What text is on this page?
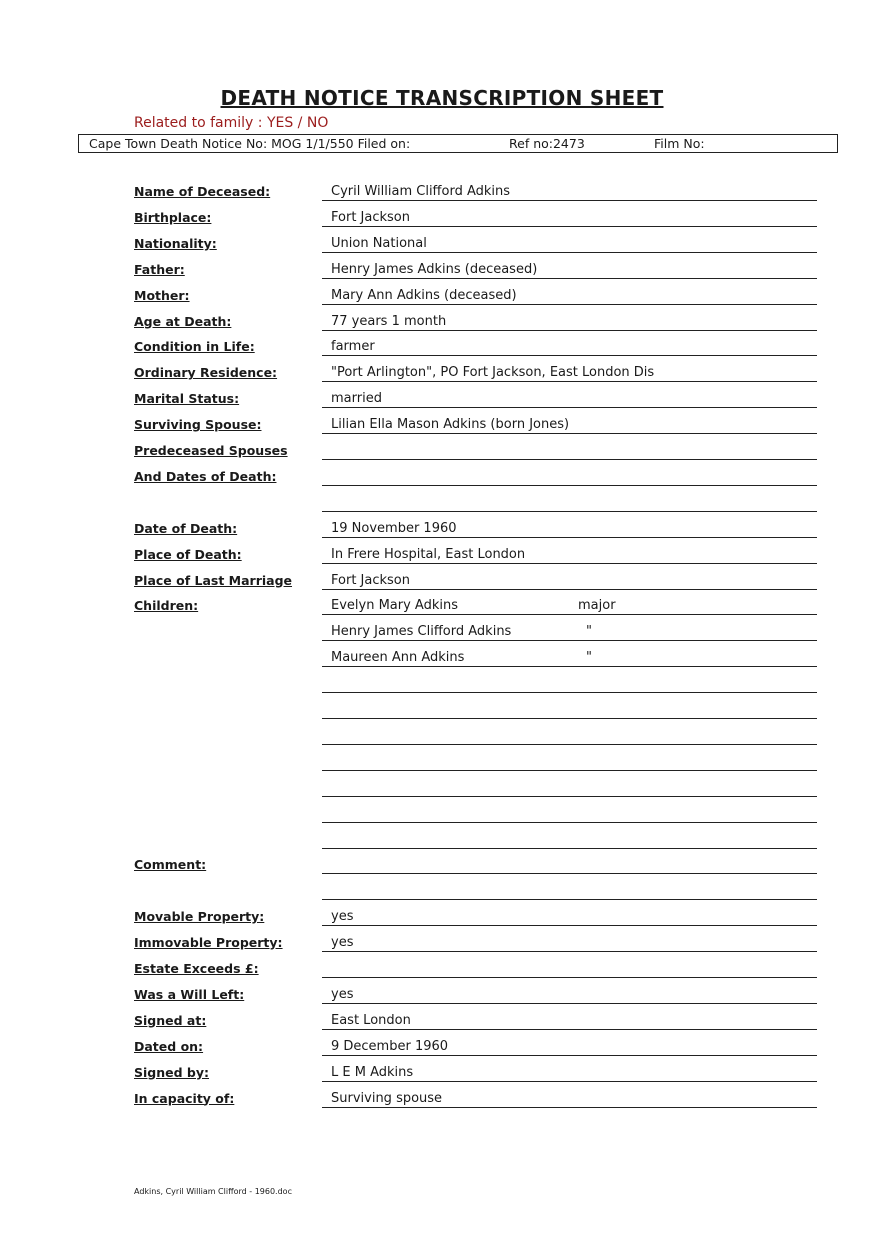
DEATH NOTICE TRANSCRIPTION SHEET
Related to family : YES / NO
Cape Town Death Notice No: MOG 1/1/550 Filed on:	Ref no:2473	Film No:
Name of Deceased:	Cyril William Clifford Adkins
Birthplace:	Fort Jackson
Nationality:	Union National
Father:	Henry James Adkins (deceased)
Mother:	Mary Ann Adkins (deceased)
Age at Death:	77 years 1 month
Condition in Life:	farmer
Ordinary Residence:	"Port Arlington", PO Fort Jackson, East London Dis
Marital Status:	married
Surviving Spouse:	Lilian Ella Mason Adkins (born Jones)
Predeceased Spouses
And Dates of Death:
Date of Death:	19 November 1960
Place of Death:	In Frere Hospital, East London
Place of Last Marriage	Fort Jackson
Children:	Evelyn Mary Adkins	major
Henry James Clifford Adkins	"
Maureen Ann Adkins	"
Comment:
Movable Property:	yes
Immovable Property:	yes
Estate Exceeds £:
Was a Will Left:	yes
Signed at:	East London
Dated on:	9 December 1960
Signed by:	L E M Adkins
In capacity of:	Surviving spouse
Adkins, Cyril William Clifford - 1960.doc
